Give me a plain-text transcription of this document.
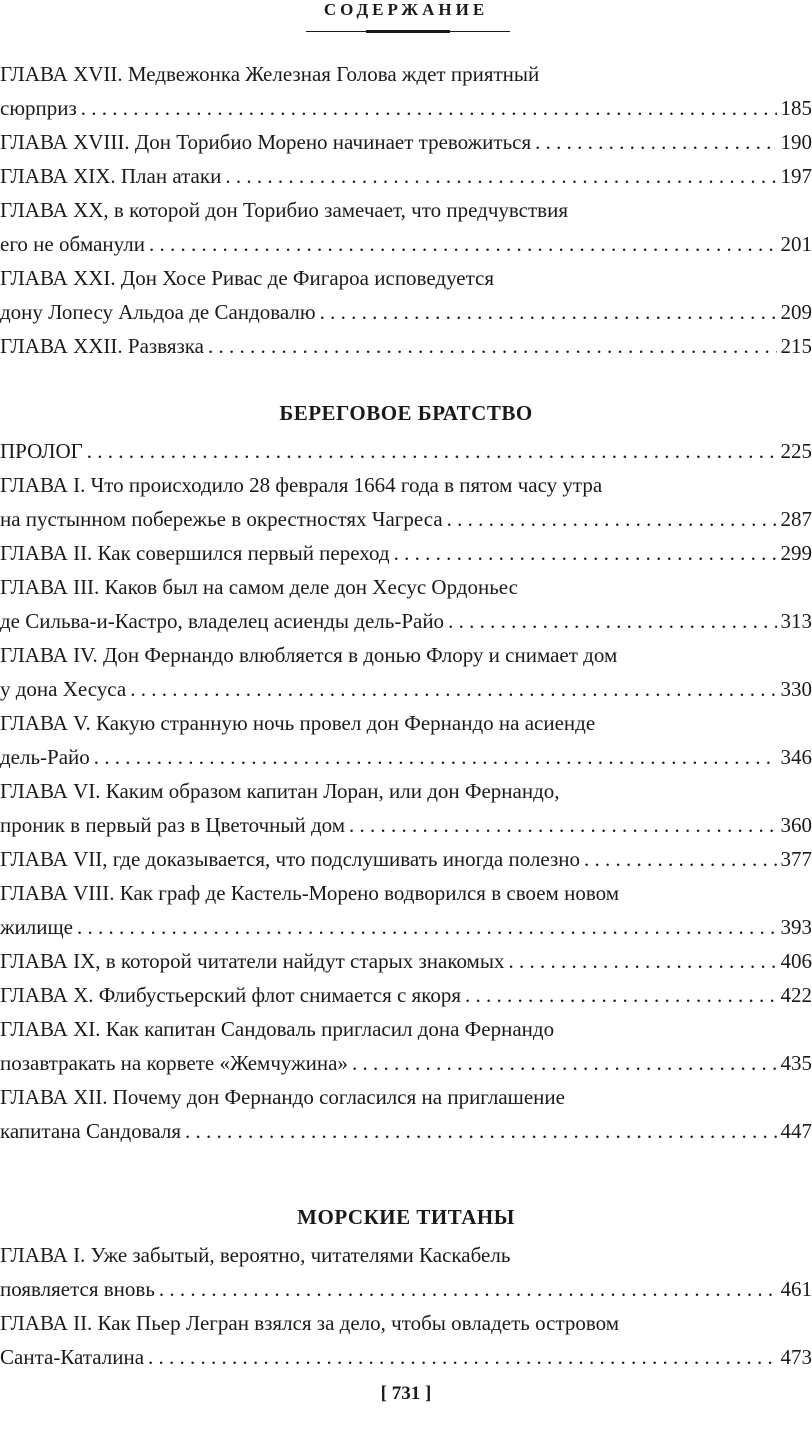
СОДЕРЖАНИЕ
ГЛАВА XVII. Медвежонка Железная Голова ждет приятный
сюрприз . . .	185
ГЛАВА XVIII. Дон Торибио Морено начинает тревожиться . . .	190
ГЛАВА XIX. План атаки . . .	197
ГЛАВА XX, в которой дон Торибио замечает, что предчувствия
его не обманули . . .	201
ГЛАВА XXI. Дон Хосе Ривас де Фигароа исповедуется
дону Лопесу Альдоа де Сандовалю . . .	209
ГЛАВА XXII. Развязка . . .	215
БЕРЕГОВОЕ БРАТСТВО
ПРОЛОГ . . .	225
ГЛАВА I. Что происходило 28 февраля 1664 года в пятом часу утра
на пустынном побережье в окрестностях Чагреса . . .	287
ГЛАВА II. Как совершился первый переход . . .	299
ГЛАВА III. Каков был на самом деле дон Хесус Ордоньес
де Сильва-и-Кастро, владелец асиенды дель-Райо . . .	313
ГЛАВА IV. Дон Фернандо влюбляется в донью Флору и снимает дом
у дона Хесуса . . .	330
ГЛАВА V. Какую странную ночь провел дон Фернандо на асиенде
дель-Райо . . .	346
ГЛАВА VI. Каким образом капитан Лоран, или дон Фернандо,
проник в первый раз в Цветочный дом . . .	360
ГЛАВА VII, где доказывается, что подслушивать иногда полезно . . .	377
ГЛАВА VIII. Как граф де Кастель-Морено водворился в своем новом
жилище . . .	393
ГЛАВА IX, в которой читатели найдут старых знакомых . . .	406
ГЛАВА X. Флибустьерский флот снимается с якоря . . .	422
ГЛАВА XI. Как капитан Сандоваль пригласил дона Фернандо
позавтракать на корвете «Жемчужина» . . .	435
ГЛАВА XII. Почему дон Фернандо согласился на приглашение
капитана Сандоваля . . .	447
МОРСКИЕ ТИТАНЫ
ГЛАВА I. Уже забытый, вероятно, читателями Каскабель
появляется вновь . . .	461
ГЛАВА II. Как Пьер Легран взялся за дело, чтобы овладеть островом
Санта-Каталина . . .	473
[ 731 ]
